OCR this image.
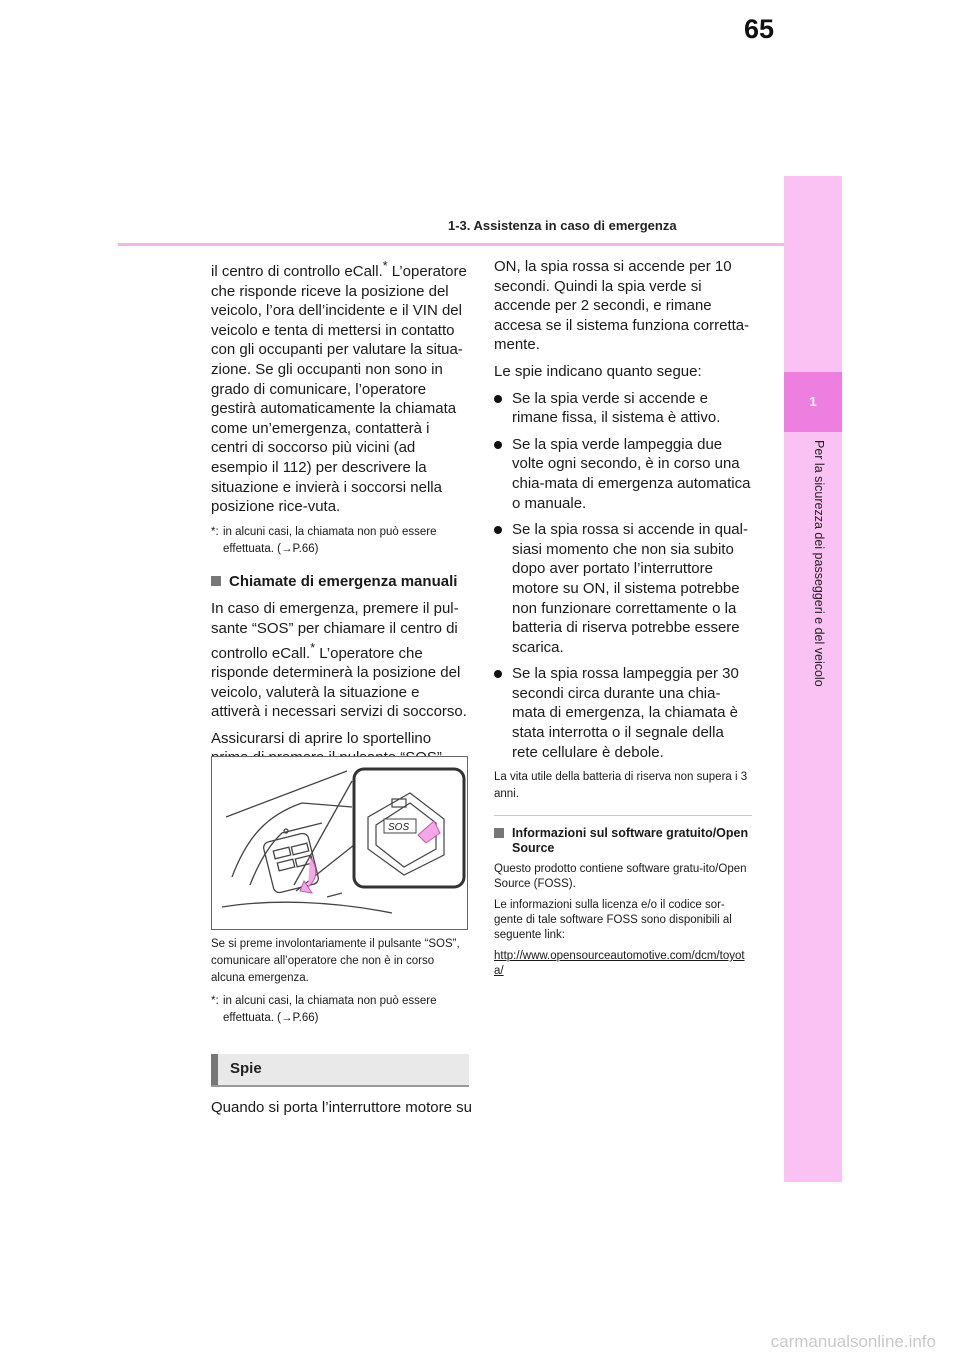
65
1-3. Assistenza in caso di emergenza
1
Per la sicurezza dei passeggeri e del veicolo

il centro di controllo eCall.* L’operatore che risponde riceve la posizione del veicolo, l’ora dell’incidente e il VIN del veicolo e tenta di mettersi in contatto con gli occupanti per valutare la situa-zione. Se gli occupanti non sono in grado di comunicare, l’operatore gestirà automaticamente la chiamata come un’emergenza, contatterà i centri di soccorso più vicini (ad esempio il 112) per descrivere la situazione e invierà i soccorsi nella posizione rice-vuta.

*: in alcuni casi, la chiamata non può essere effettuata. (→P.66)
Chiamate di emergenza manuali

In caso di emergenza, premere il pul-sante “SOS” per chiamare il centro di controllo eCall.* L’operatore che risponde determinerà la posizione del veicolo, valuterà la situazione e attiverà i necessari servizi di soccorso.

Assicurarsi di aprire lo sportellino

SOS
Se si preme involontariamente il pulsante “SOS”, comunicare all’operatore che non è in corso alcuna emergenza.
*: in alcuni casi, la chiamata non può essere effettuata. (→P.66)
Spie

Quando si porta l’interruttore motore su

ON, la spia rossa si accende per 10 secondi. Quindi la spia verde si accende per 2 secondi, e rimane accesa se il sistema funziona corretta-mente.

Le spie indicano quanto segue:

Se la spia verde si accende e rimane fissa, il sistema è attivo.
Se la spia verde lampeggia due volte ogni secondo, è in corso una chia-mata di emergenza automatica o manuale.
Se la spia rossa si accende in qual-siasi momento che non sia subito dopo aver portato l’interruttore motore su ON, il sistema potrebbe non funzionare correttamente o la batteria di riserva potrebbe essere scarica.
Se la spia rossa lampeggia per 30 secondi circa durante una chia-mata di emergenza, la chiamata è stata interrotta o il segnale della rete cellulare è debole.
La vita utile della batteria di riserva non supera i 3 anni.
Informazioni sul software gratuito/Open Source
Questo prodotto contiene software gratu-ito/Open Source (FOSS).
Le informazioni sulla licenza e/o il codice sor-gente di tale software FOSS sono disponibili al seguente link:
http://www.opensourceautomotive.com/dcm/toyota/
carmanualsonline.info
